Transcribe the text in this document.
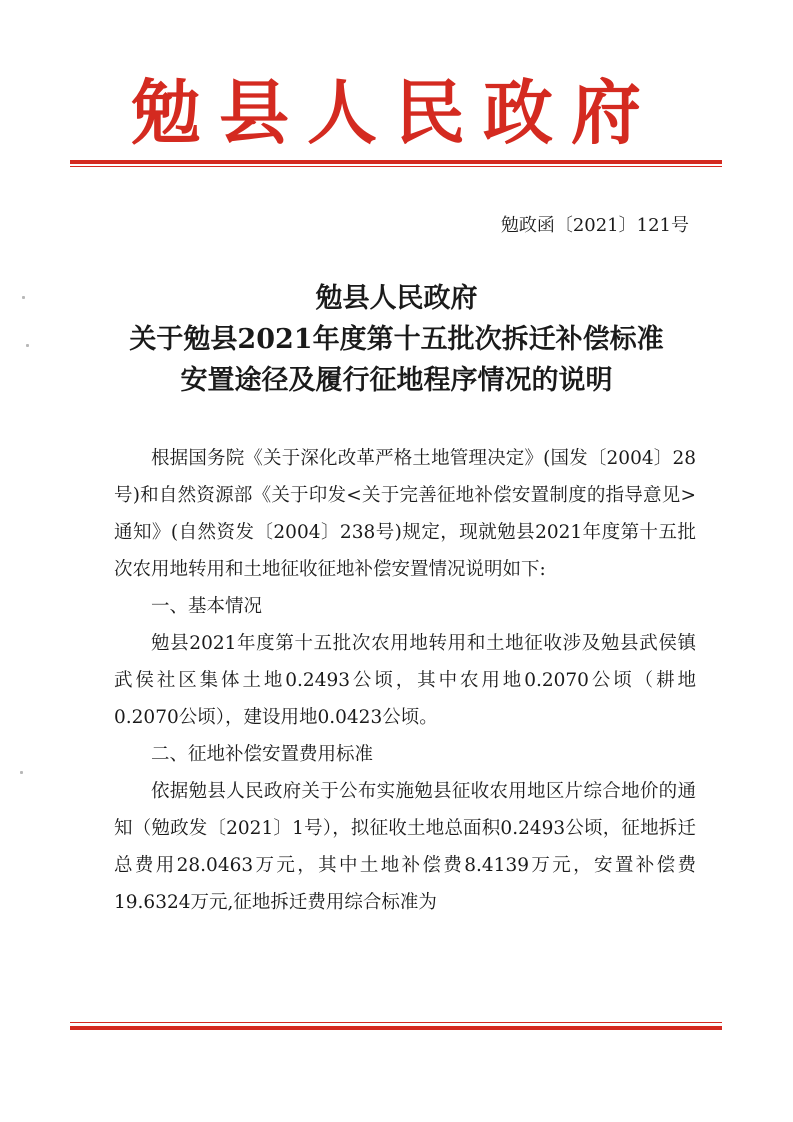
勉县人民政府
勉政函〔2021〕121号
勉县人民政府
关于勉县2021年度第十五批次拆迁补偿标准
安置途径及履行征地程序情况的说明

根据国务院《关于深化改革严格土地管理决定》(国发〔2004〕28号)和自然资源部《关于印发<关于完善征地补偿安置制度的指导意见>通知》(自然资发〔2004〕238号)规定，现就勉县2021年度第十五批次农用地转用和土地征收征地补偿安置情况说明如下:

一、基本情况

勉县2021年度第十五批次农用地转用和土地征收涉及勉县武侯镇武侯社区集体土地0.2493公顷，其中农用地0.2070公顷（耕地0.2070公顷），建设用地0.0423公顷。

二、征地补偿安置费用标准

依据勉县人民政府关于公布实施勉县征收农用地区片综合地价的通知（勉政发〔2021〕1号），拟征收土地总面积0.2493公顷，征地拆迁总费用28.0463万元，其中土地补偿费8.4139万元，安置补偿费19.6324万元,征地拆迁费用综合标准为
